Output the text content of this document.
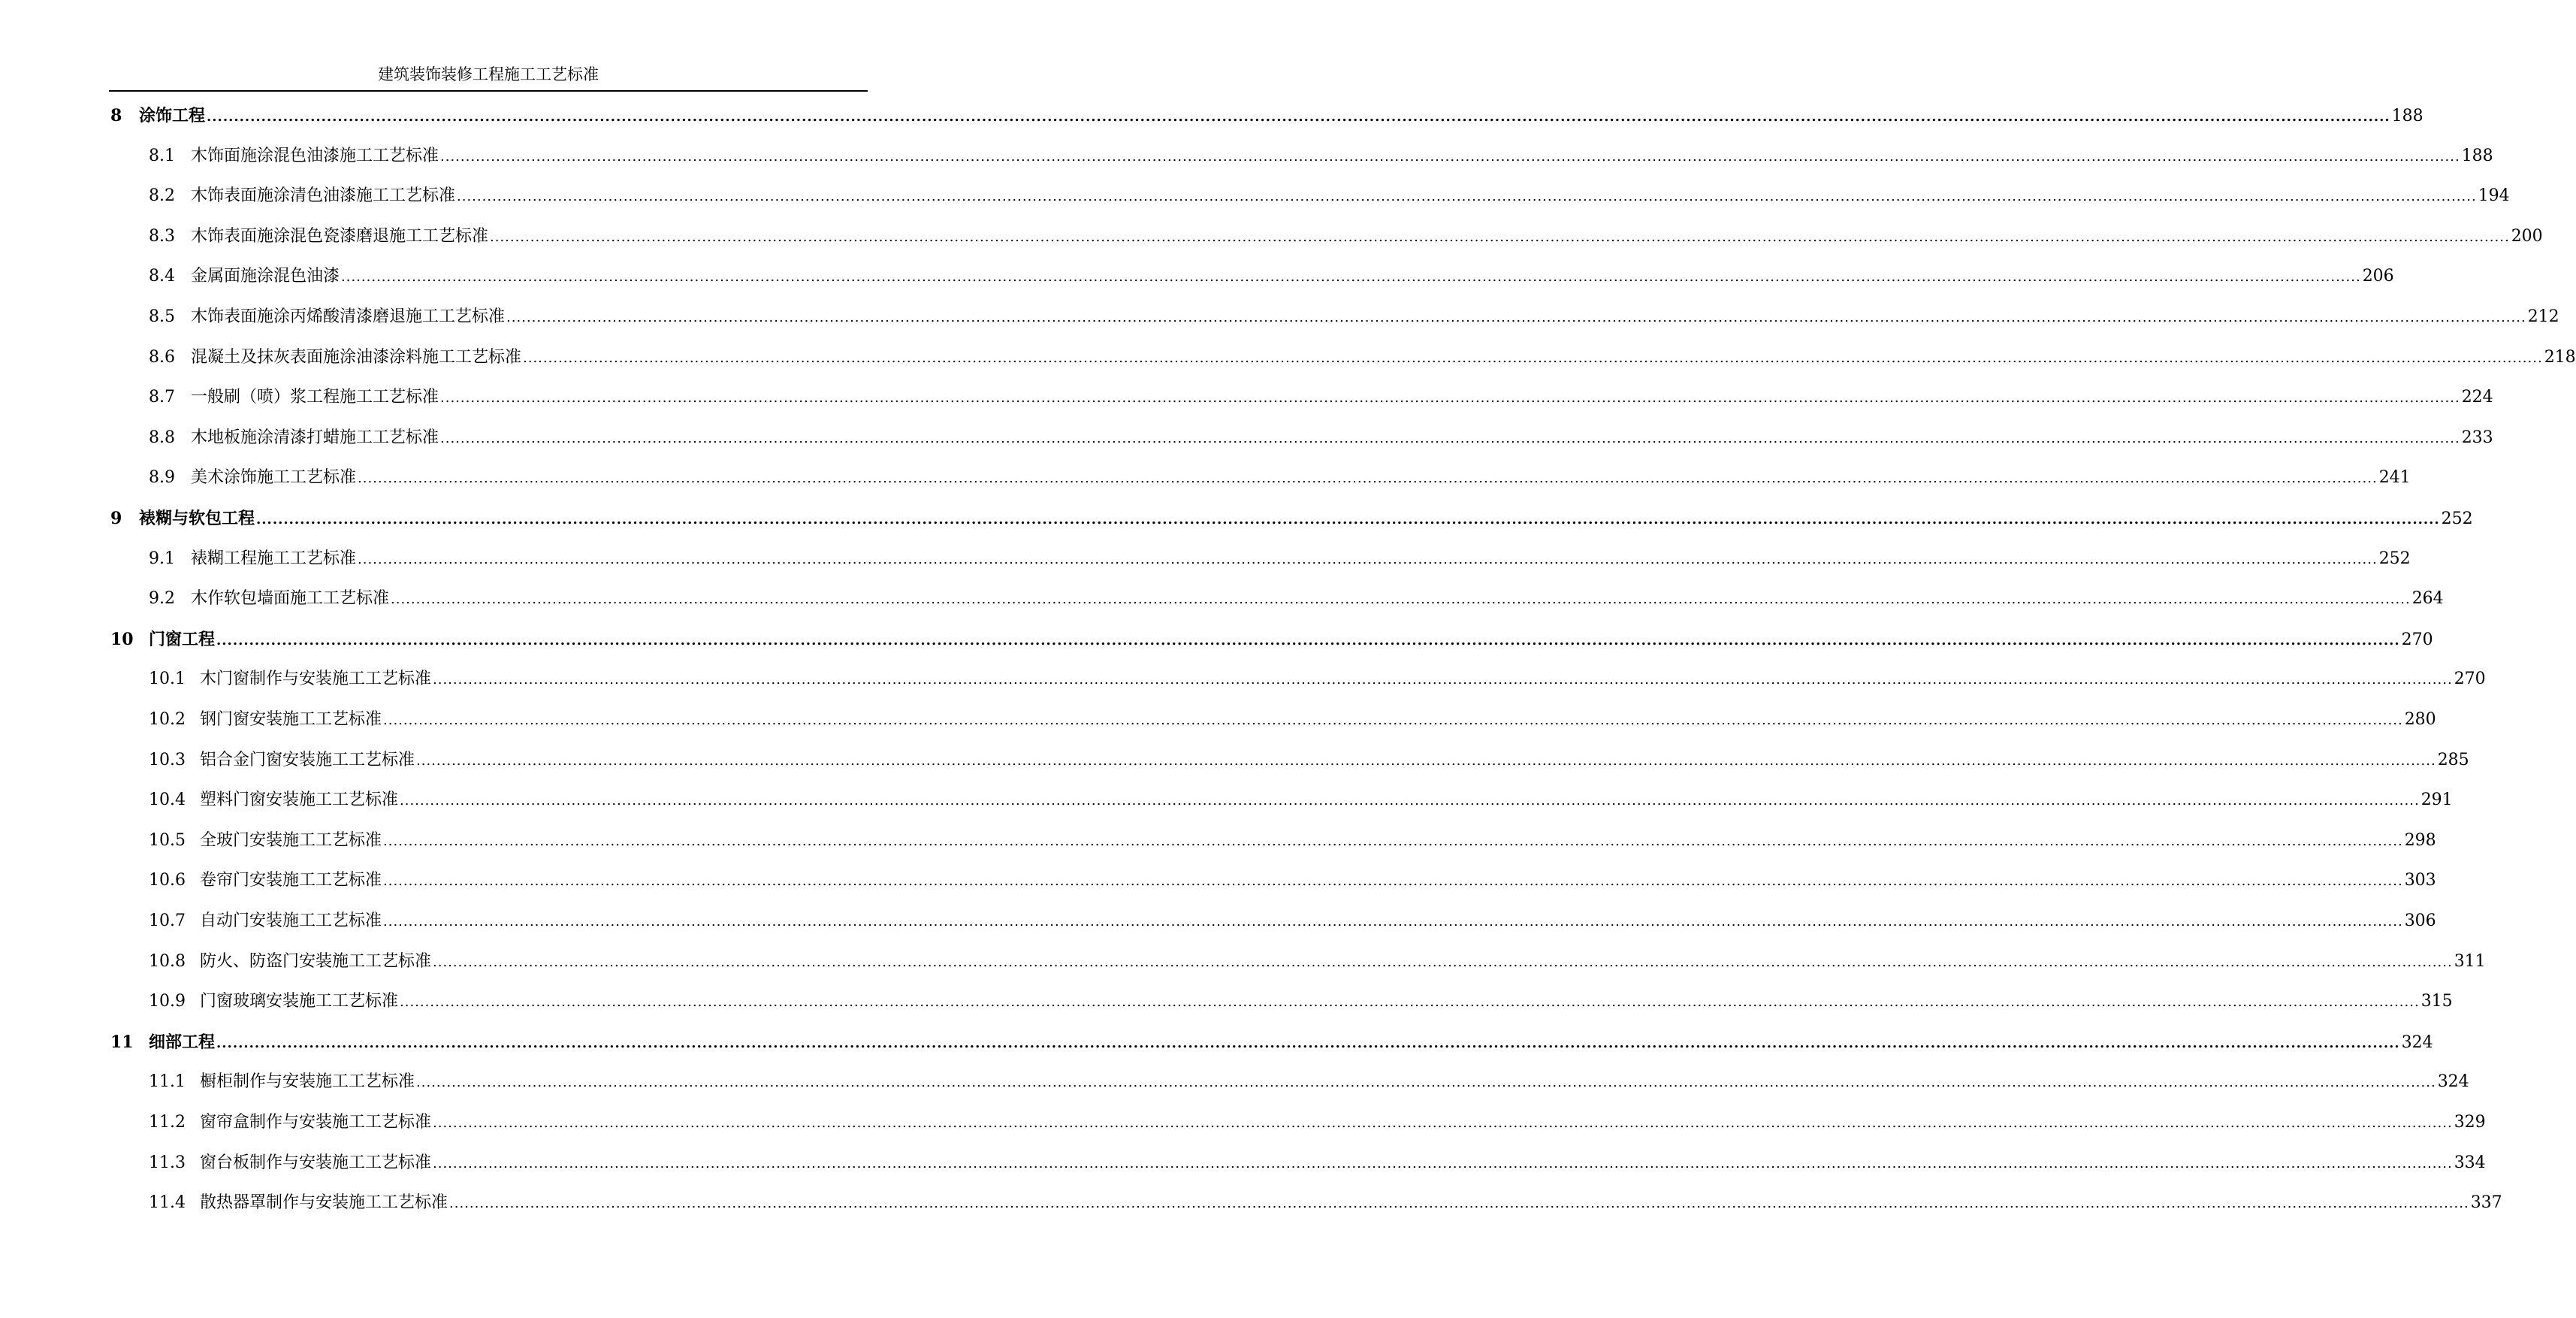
建筑装饰装修工程施工工艺标准
8 涂饰工程 ................................................................................................................................................................................................................................................................................................................................................................................................................ 188
8.1 木饰面施涂混色油漆施工工艺标准 ................................................................................................................................................................................................................................................................................................................................................................................................................ 188
8.2 木饰表面施涂清色油漆施工工艺标准 ................................................................................................................................................................................................................................................................................................................................................................................................................ 194
8.3 木饰表面施涂混色瓷漆磨退施工工艺标准 ................................................................................................................................................................................................................................................................................................................................................................................................................ 200
8.4 金属面施涂混色油漆 ................................................................................................................................................................................................................................................................................................................................................................................................................ 206
8.5 木饰表面施涂丙烯酸清漆磨退施工工艺标准 ................................................................................................................................................................................................................................................................................................................................................................................................................ 212
8.6 混凝土及抹灰表面施涂油漆涂料施工工艺标准 ................................................................................................................................................................................................................................................................................................................................................................................................................ 218
8.7 一般刷（喷）浆工程施工工艺标准 ................................................................................................................................................................................................................................................................................................................................................................................................................ 224
8.8 木地板施涂清漆打蜡施工工艺标准 ................................................................................................................................................................................................................................................................................................................................................................................................................ 233
8.9 美术涂饰施工工艺标准 ................................................................................................................................................................................................................................................................................................................................................................................................................ 241
9 裱糊与软包工程 ................................................................................................................................................................................................................................................................................................................................................................................................................ 252
9.1 裱糊工程施工工艺标准 ................................................................................................................................................................................................................................................................................................................................................................................................................ 252
9.2 木作软包墙面施工工艺标准 ................................................................................................................................................................................................................................................................................................................................................................................................................ 264
10 门窗工程 ................................................................................................................................................................................................................................................................................................................................................................................................................ 270
10.1 木门窗制作与安装施工工艺标准 ................................................................................................................................................................................................................................................................................................................................................................................................................ 270
10.2 钢门窗安装施工工艺标准 ................................................................................................................................................................................................................................................................................................................................................................................................................ 280
10.3 铝合金门窗安装施工工艺标准 ................................................................................................................................................................................................................................................................................................................................................................................................................ 285
10.4 塑料门窗安装施工工艺标准 ................................................................................................................................................................................................................................................................................................................................................................................................................ 291
10.5 全玻门安装施工工艺标准 ................................................................................................................................................................................................................................................................................................................................................................................................................ 298
10.6 卷帘门安装施工工艺标准 ................................................................................................................................................................................................................................................................................................................................................................................................................ 303
10.7 自动门安装施工工艺标准 ................................................................................................................................................................................................................................................................................................................................................................................................................ 306
10.8 防火、防盗门安装施工工艺标准 ................................................................................................................................................................................................................................................................................................................................................................................................................ 311
10.9 门窗玻璃安装施工工艺标准 ................................................................................................................................................................................................................................................................................................................................................................................................................ 315
11 细部工程 ................................................................................................................................................................................................................................................................................................................................................................................................................ 324
11.1 橱柜制作与安装施工工艺标准 ................................................................................................................................................................................................................................................................................................................................................................................................................ 324
11.2 窗帘盒制作与安装施工工艺标准 ................................................................................................................................................................................................................................................................................................................................................................................................................ 329
11.3 窗台板制作与安装施工工艺标准 ................................................................................................................................................................................................................................................................................................................................................................................................................ 334
11.4 散热器罩制作与安装施工工艺标准 ................................................................................................................................................................................................................................................................................................................................................................................................................ 337
